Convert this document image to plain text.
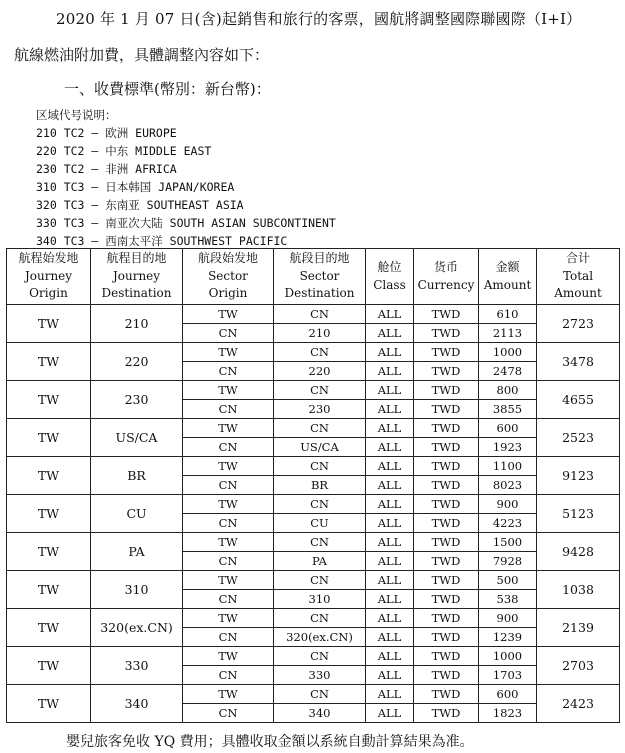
2020 年 1 月 07 日(含)起銷售和旅行的客票，國航將調整國際聯國際（I+I）
航線燃油附加費，具體調整內容如下：
一、收費標準(幣別：新台幣)：
区域代号说明：
210 TC2 – 欧洲 EUROPE
220 TC2 – 中东 MIDDLE EAST
230 TC2 – 非洲 AFRICA
310 TC3 – 日本韩国 JAPAN/KOREA
320 TC3 – 东南亚 SOUTHEAST ASIA
330 TC3 – 南亚次大陆 SOUTH ASIAN SUBCONTINENT
340 TC3 – 西南太平洋 SOUTHWEST PACIFIC
航程始发地
Journey
Origin	航程目的地
Journey
Destination	航段始发地
Sector
Origin	航段目的地
Sector
Destination	舱位
Class	货币
Currency	金额
Amount	合计
Total
Amount
TW	210	TW	CN	ALL	TWD	610	2723
		CN	210	ALL	TWD	2113	
TW	220	TW	CN	ALL	TWD	1000	3478
		CN	220	ALL	TWD	2478	
TW	230	TW	CN	ALL	TWD	800	4655
		CN	230	ALL	TWD	3855	
TW	US/CA	TW	CN	ALL	TWD	600	2523
		CN	US/CA	ALL	TWD	1923	
TW	BR	TW	CN	ALL	TWD	1100	9123
		CN	BR	ALL	TWD	8023	
TW	CU	TW	CN	ALL	TWD	900	5123
		CN	CU	ALL	TWD	4223	
TW	PA	TW	CN	ALL	TWD	1500	9428
		CN	PA	ALL	TWD	7928	
TW	310	TW	CN	ALL	TWD	500	1038
		CN	310	ALL	TWD	538	
TW	320(ex.CN)	TW	CN	ALL	TWD	900	2139
		CN	320(ex.CN)	ALL	TWD	1239	
TW	330	TW	CN	ALL	TWD	1000	2703
		CN	330	ALL	TWD	1703	
TW	340	TW	CN	ALL	TWD	600	2423
		CN	340	ALL	TWD	1823	
嬰兒旅客免收 YQ 費用；具體收取金額以系統自動計算結果為准。
